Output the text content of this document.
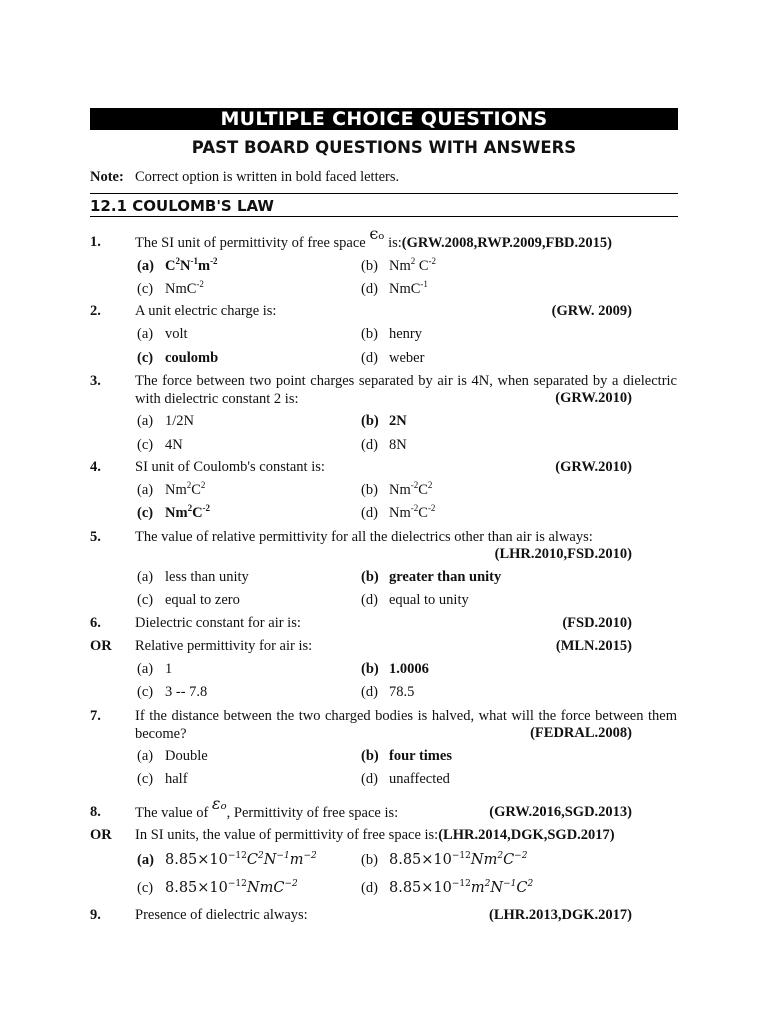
MULTIPLE CHOICE QUESTIONS
PAST BOARD QUESTIONS WITH ANSWERS
Note: Correct option is written in bold faced letters.
12.1 COULOMB'S LAW
1. The SI unit of permittivity of free space ϵₒ is:(GRW.2008,RWP.2009,FBD.2015)
(a) $C^2N^{-1}m^{-2}$	(b) Nm$^2$ $C^{-2}$
(c) NmC$^{-2}$	(d) NmC$^{-1}$
2. A unit electric charge is:	(GRW. 2009)
(a) volt	(b) henry
(c) coulomb	(d) weber
3. The force between two point charges separated by air is 4N, when separated by a dielectric with dielectric constant 2 is:	(GRW.2010)
(a) 1/2N	(b) 2N
(c) 4N	(d) 8N
4. SI unit of Coulomb's constant is:	(GRW.2010)
(a) $Nm^2C^2$	(b) $Nm^{-2}C^2$
(c) $Nm^2C^{-2}$	(d) $Nm^{-2}C^{-2}$
5. The value of relative permittivity for all the dielectrics other than air is always:
(LHR.2010,FSD.2010)
(a) less than unity	(b) greater than unity
(c) equal to zero	(d) equal to unity
6. Dielectric constant for air is:	(FSD.2010)
OR Relative permittivity for air is:	(MLN.2015)
(a) 1	(b) 1.0006
(c) 3 -- 7.8	(d) 78.5
7. If the distance between the two charged bodies is halved, what will the force between them become?	(FEDRAL.2008)
(a) Double	(b) four times
(c) half	(d) unaffected
8. The value of εₒ, Permittivity of free space is:	(GRW.2016,SGD.2013)
OR In SI units, the value of permittivity of free space is:(LHR.2014,DGK,SGD.2017)
(a) $8.85\times 10^{-12}C^2N^{-1}m^{-2}$	(b) $8.85\times 10^{-12}Nm^2C^{-2}$
(c) $8.85\times 10^{-12}NmC^{-2}$	(d) $8.85\times 10^{-12}m^2N^{-1}C^2$
9. Presence of dielectric always:	(LHR.2013,DGK.2017)
